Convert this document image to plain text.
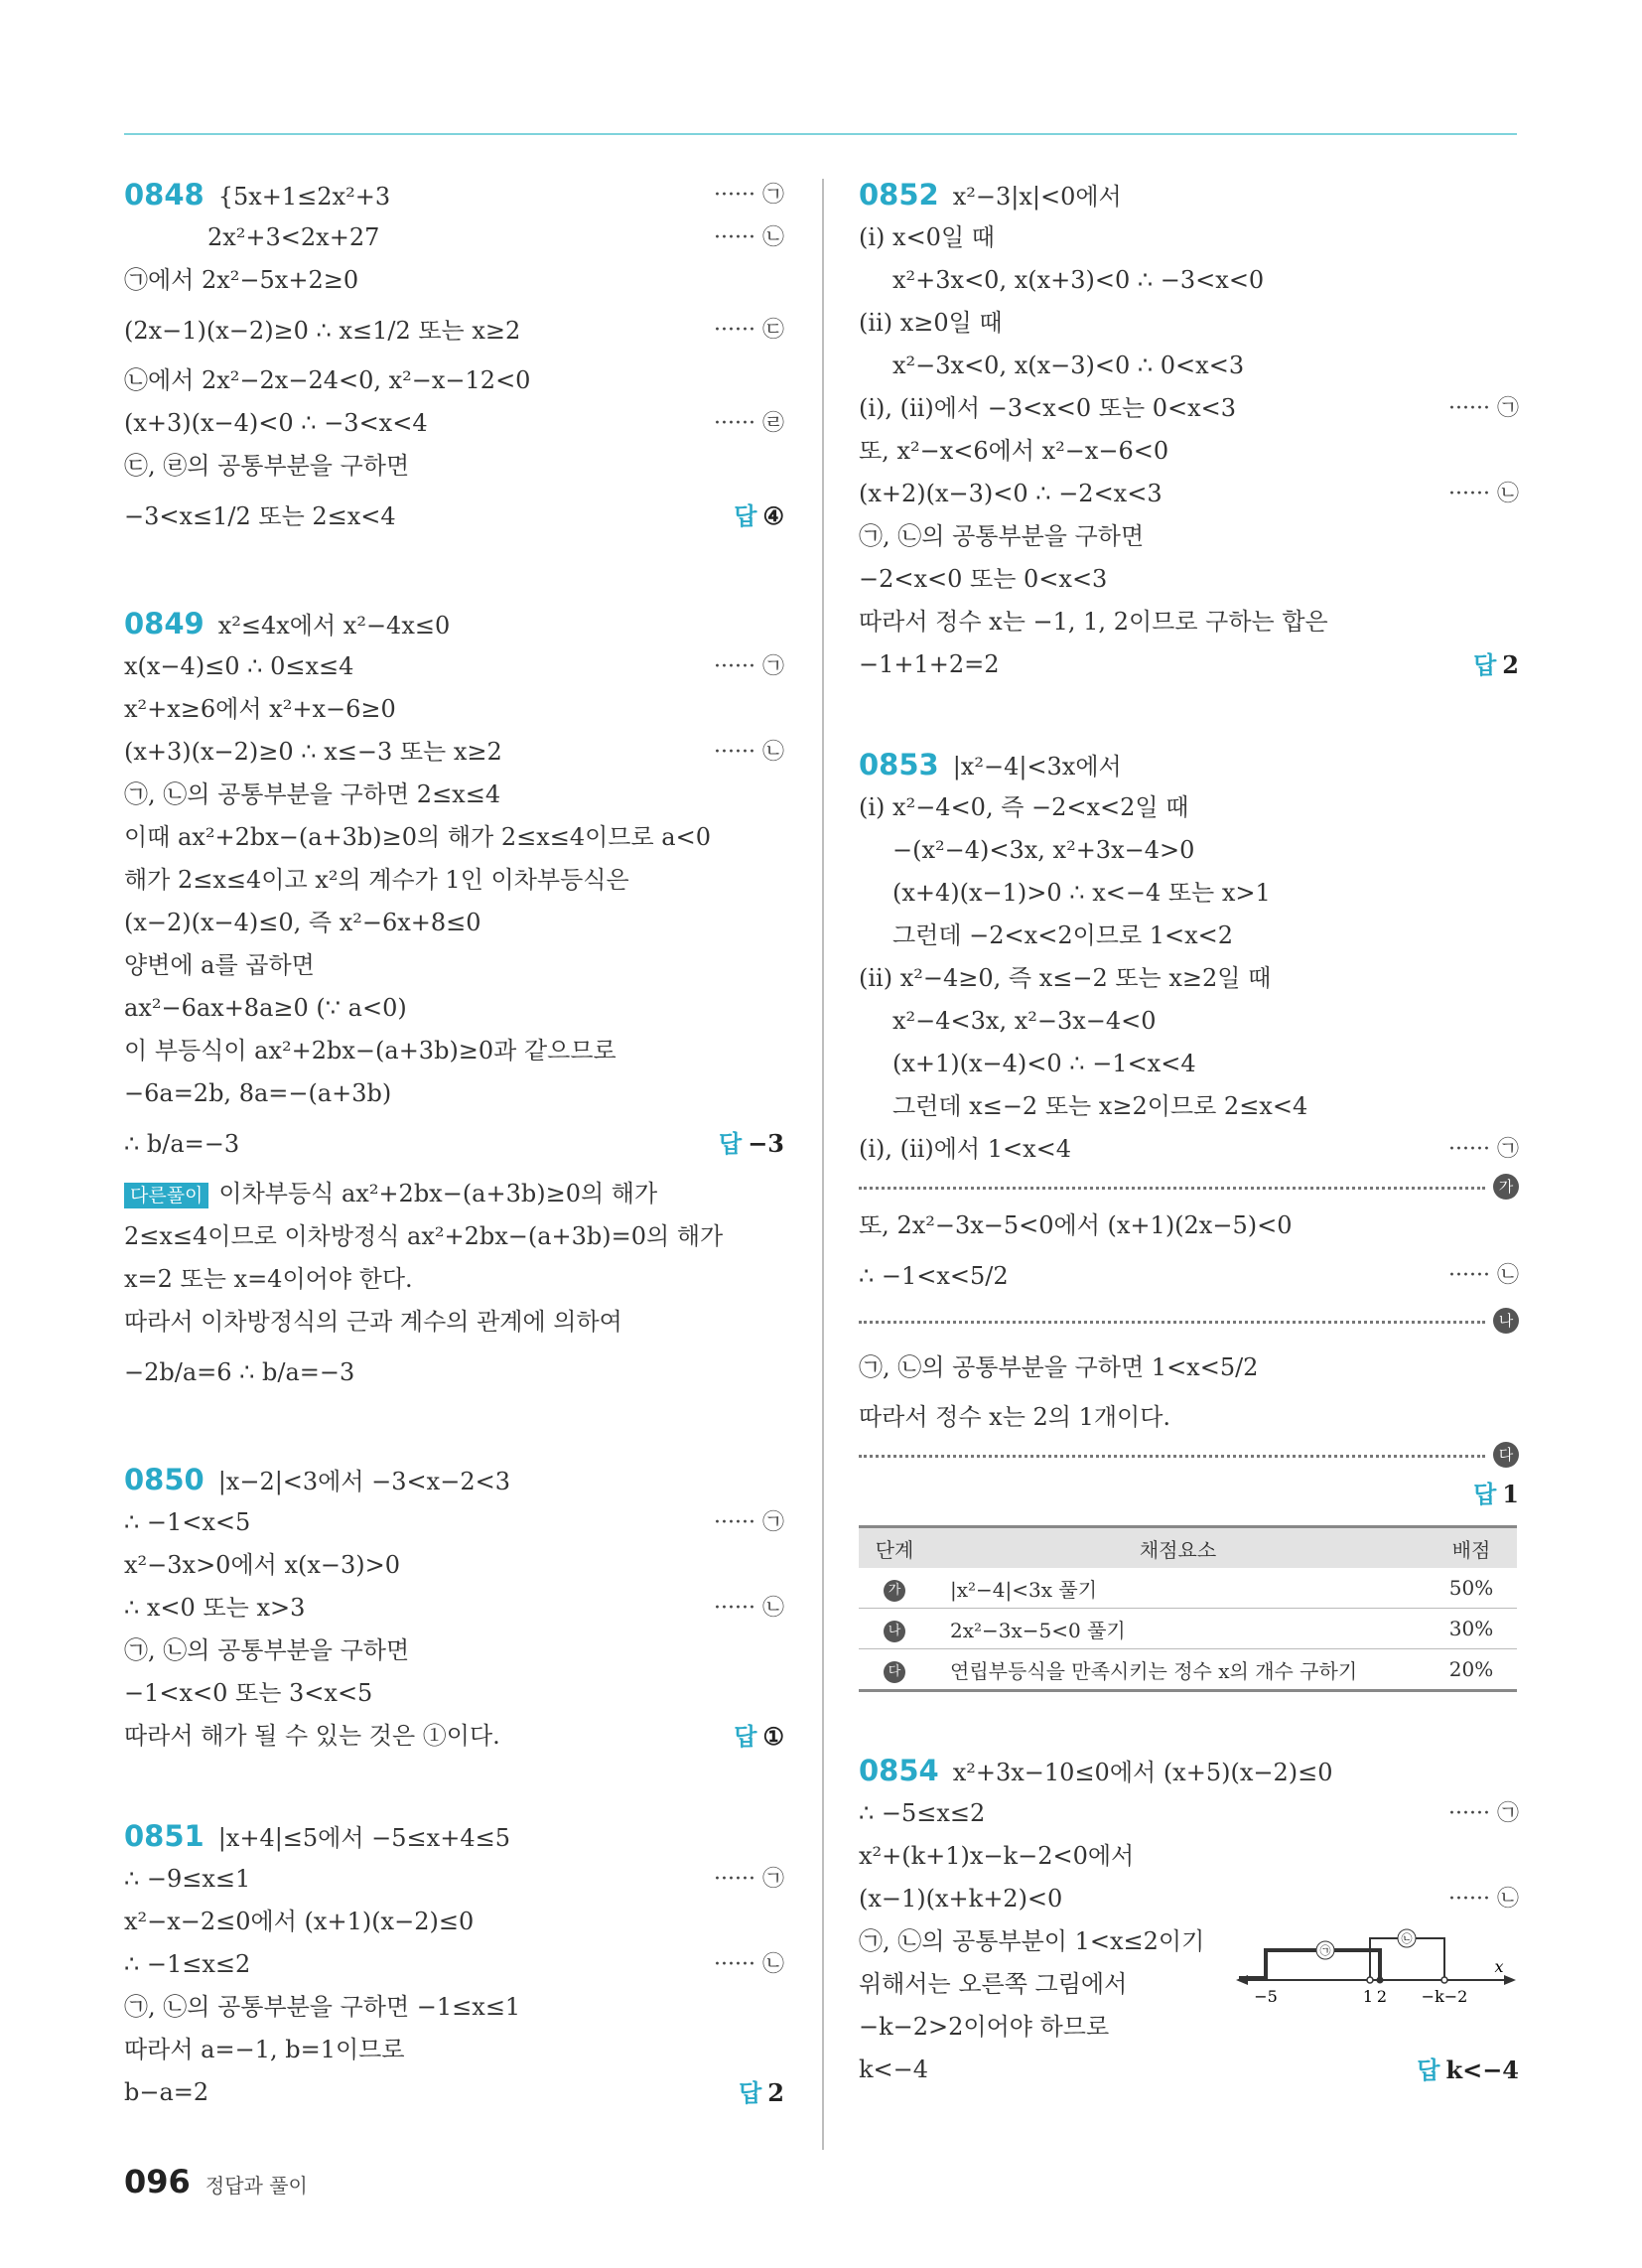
0848 {5x+1≤2x²+3	······ ㉠
2x²+3<2x+27	······ ㉡
㉠에서 2x²−5x+2≥0
(2x−1)(x−2)≥0 ∴ x≤1/2 또는 x≥2	······ ㉢
㉡에서 2x²−2x−24<0, x²−x−12<0
(x+3)(x−4)<0 ∴ −3<x<4	······ ㉣
㉢, ㉣의 공통부분을 구하면
−3<x≤1/2 또는 2≤x<4	답 ④
0849 x²≤4x에서 x²−4x≤0
x(x−4)≤0 ∴ 0≤x≤4	······ ㉠
x²+x≥6에서 x²+x−6≥0
(x+3)(x−2)≥0 ∴ x≤−3 또는 x≥2	······ ㉡
㉠, ㉡의 공통부분을 구하면 2≤x≤4
이때 ax²+2bx−(a+3b)≥0의 해가 2≤x≤4이므로 a<0
해가 2≤x≤4이고 x²의 계수가 1인 이차부등식은
(x−2)(x−4)≤0, 즉 x²−6x+8≤0
양변에 a를 곱하면
ax²−6ax+8a≥0 (∵ a<0)
이 부등식이 ax²+2bx−(a+3b)≥0과 같으므로
−6a=2b, 8a=−(a+3b)
∴ b/a=−3	답 −3
다른풀이 이차부등식 ax²+2bx−(a+3b)≥0의 해가
2≤x≤4이므로 이차방정식 ax²+2bx−(a+3b)=0의 해가
x=2 또는 x=4이어야 한다.
따라서 이차방정식의 근과 계수의 관계에 의하여
−2b/a=6 ∴ b/a=−3
0850 |x−2|<3에서 −3<x−2<3
∴ −1<x<5	······ ㉠
x²−3x>0에서 x(x−3)>0
∴ x<0 또는 x>3	······ ㉡
㉠, ㉡의 공통부분을 구하면
−1<x<0 또는 3<x<5
따라서 해가 될 수 있는 것은 ①이다.	답 ①
0851 |x+4|≤5에서 −5≤x+4≤5
∴ −9≤x≤1	······ ㉠
x²−x−2≤0에서 (x+1)(x−2)≤0
∴ −1≤x≤2	······ ㉡
㉠, ㉡의 공통부분을 구하면 −1≤x≤1
따라서 a=−1, b=1이므로
b−a=2	답 2
0852 x²−3|x|<0에서
(ⅰ) x<0일 때
x²+3x<0, x(x+3)<0 ∴ −3<x<0
(ⅱ) x≥0일 때
x²−3x<0, x(x−3)<0 ∴ 0<x<3
(ⅰ), (ⅱ)에서 −3<x<0 또는 0<x<3	······ ㉠
또, x²−x<6에서 x²−x−6<0
(x+2)(x−3)<0 ∴ −2<x<3	······ ㉡
㉠, ㉡의 공통부분을 구하면
−2<x<0 또는 0<x<3
따라서 정수 x는 −1, 1, 2이므로 구하는 합은
−1+1+2=2	답 2
0853 |x²−4|<3x에서
(ⅰ) x²−4<0, 즉 −2<x<2일 때
−(x²−4)<3x, x²+3x−4>0
(x+4)(x−1)>0 ∴ x<−4 또는 x>1
그런데 −2<x<2이므로 1<x<2
(ⅱ) x²−4≥0, 즉 x≤−2 또는 x≥2일 때
x²−4<3x, x²−3x−4<0
(x+1)(x−4)<0 ∴ −1<x<4
그런데 x≤−2 또는 x≥2이므로 2≤x<4
(ⅰ), (ⅱ)에서 1<x<4	······ ㉠
가
또, 2x²−3x−5<0에서 (x+1)(2x−5)<0
∴ −1<x<5/2	······ ㉡
나
㉠, ㉡의 공통부분을 구하면 1<x<5/2
따라서 정수 x는 2의 1개이다.
다
답 1
단계	채점요소	배점
가	|x²−4|<3x 풀기	50%
나	2x²−3x−5<0 풀기	30%
다	연립부등식을 만족시키는 정수 x의 개수 구하기	20%
0854 x²+3x−10≤0에서 (x+5)(x−2)≤0
∴ −5≤x≤2	······ ㉠
x²+(k+1)x−k−2<0에서
(x−1)(x+k+2)<0	······ ㉡
㉠, ㉡의 공통부분이 1<x≤2이기
위해서는 오른쪽 그림에서
−k−2>2이어야 하므로
k<−4	답 k<−4
㉠
㉡
−5	1 2 −k−2
x
096 정답과 풀이
